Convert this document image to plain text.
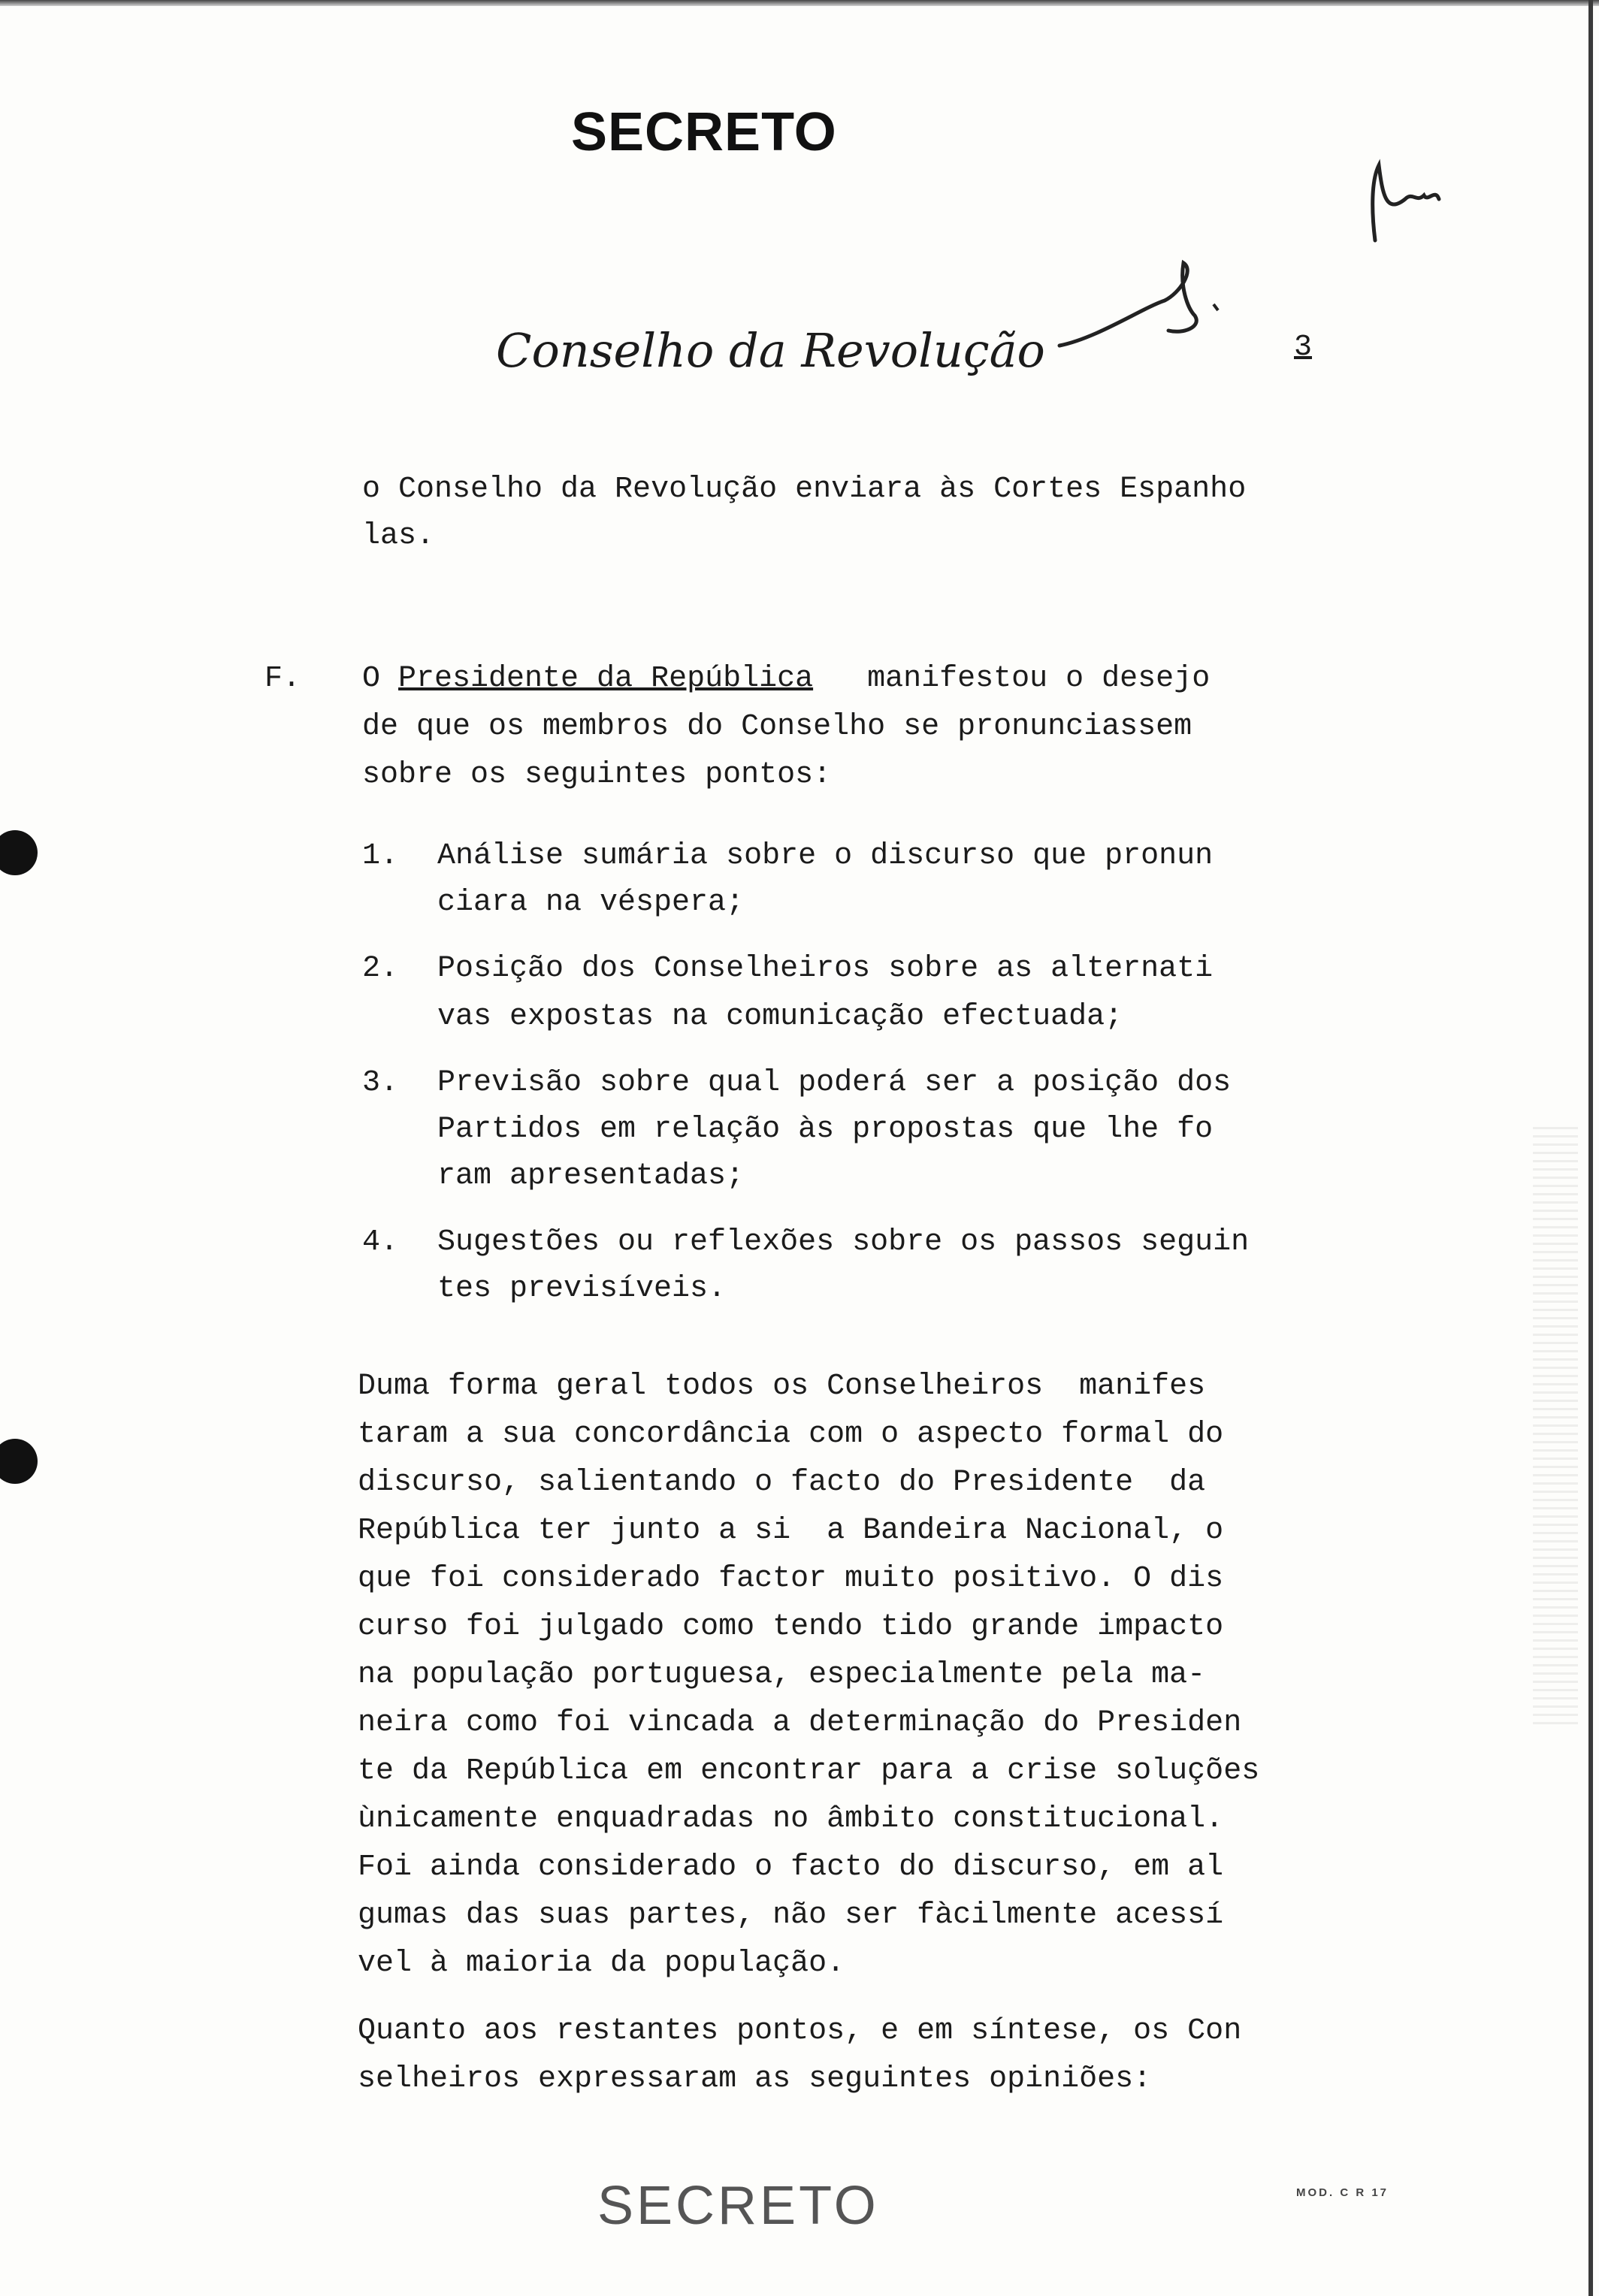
SECRETO
Conselho da Revolução	3
o Conselho da Revolução enviara às Cortes Espanho
las.
F. O Presidente da República   manifestou o desejo
de que os membros do Conselho se pronunciassem
sobre os seguintes pontos:
1. Análise sumária sobre o discurso que pronun
ciara na véspera;
2. Posição dos Conselheiros sobre as alternati
vas expostas na comunicação efectuada;
3. Previsão sobre qual poderá ser a posição dos
Partidos em relação às propostas que lhe fo
ram apresentadas;
4. Sugestões ou reflexões sobre os passos seguin
tes previsíveis.
Duma forma geral todos os Conselheiros  manifes
taram a sua concordância com o aspecto formal do
discurso, salientando o facto do Presidente  da
República ter junto a si  a Bandeira Nacional, o
que foi considerado factor muito positivo. O dis
curso foi julgado como tendo tido grande impacto
na população portuguesa, especialmente pela ma-
neira como foi vincada a determinação do Presiden
te da República em encontrar para a crise soluções
ùnicamente enquadradas no âmbito constitucional.
Foi ainda considerado o facto do discurso, em al
gumas das suas partes, não ser fàcilmente acessí
vel à maioria da população.
Quanto aos restantes pontos, e em síntese, os Con
selheiros expressaram as seguintes opiniões:
SECRETO	MOD. C R 17
